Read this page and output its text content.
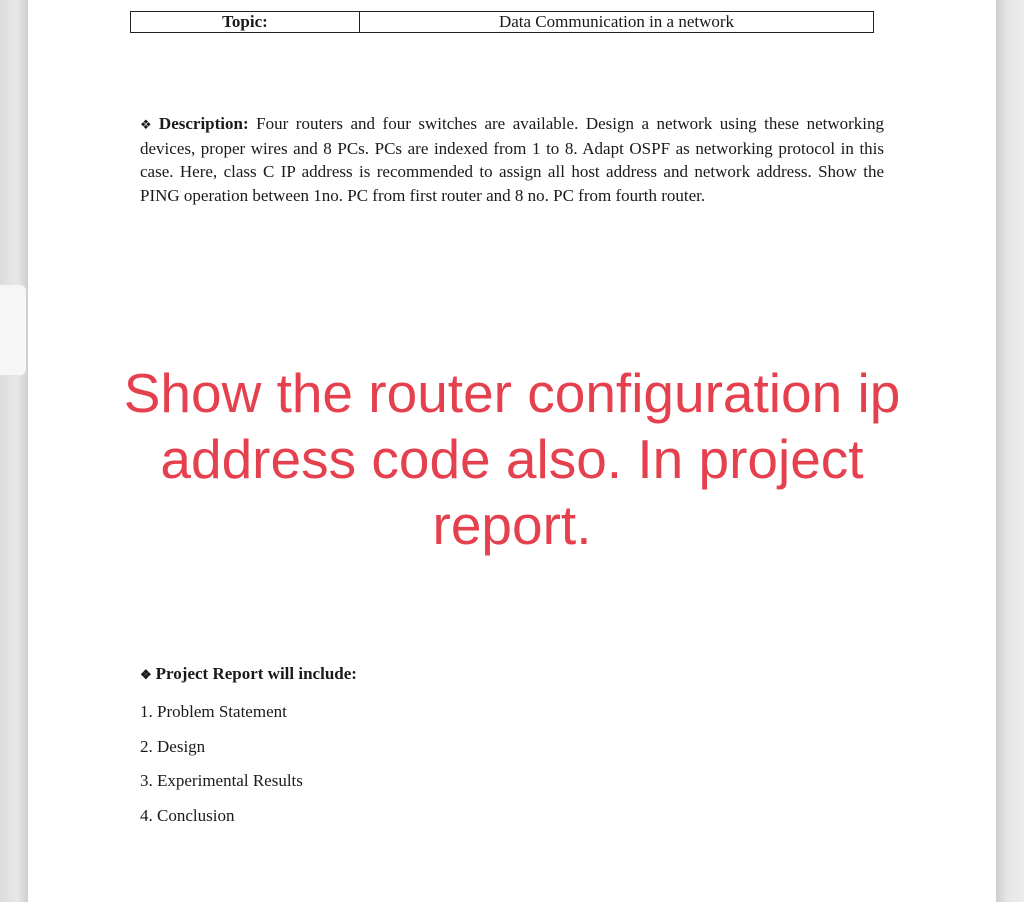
Topic:	Data Communication in a network
❖ Description: Four routers and four switches are available. Design a network using these networking devices, proper wires and 8 PCs. PCs are indexed from 1 to 8. Adapt OSPF as networking protocol in this case. Here, class C IP address is recommended to assign all host address and network address. Show the PING operation between 1no. PC from first router and 8 no. PC from fourth router.
❖ Project Report will include:
1. Problem Statement
2. Design
3. Experimental Results
4. Conclusion
Show the router configuration ip
address code also. In project
report.
